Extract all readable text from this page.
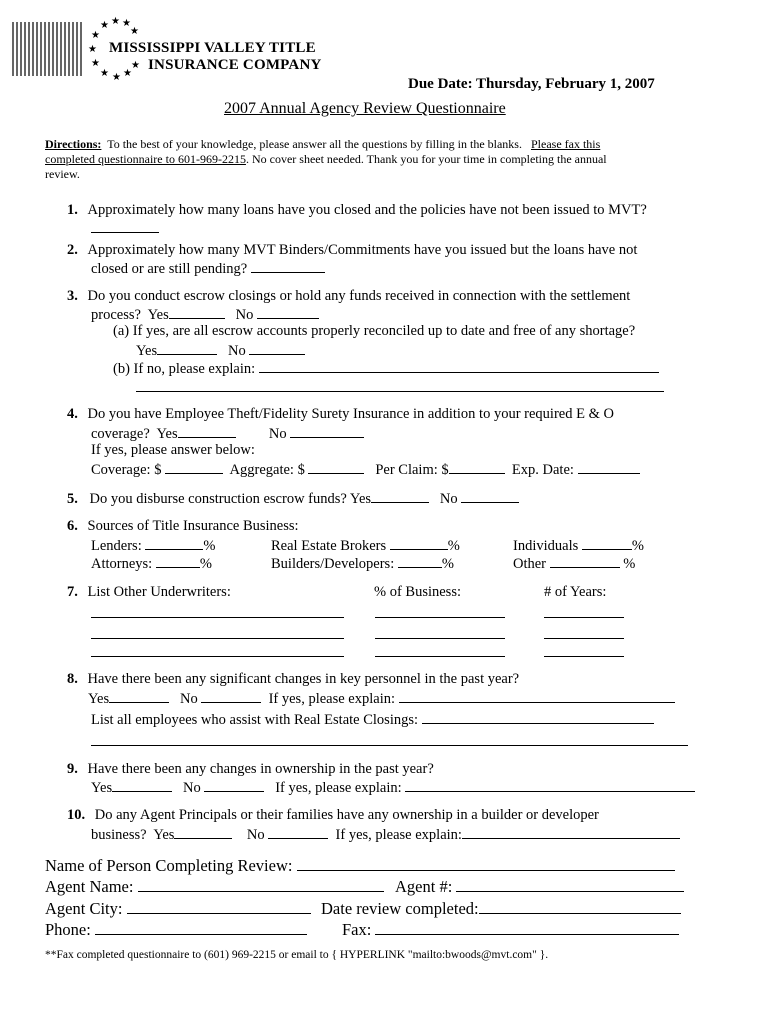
★ ★ ★
★
★
★
★
★ ★ ★
★
MISSISSIPPI VALLEY TITLE
INSURANCE COMPANY
Due Date: Thursday, February 1, 2007
2007 Annual Agency Review Questionnaire
Directions: To the best of your knowledge, please answer all the questions by filling in the blanks. Please fax this
completed questionnaire to 601-969-2215. No cover sheet needed. Thank you for your time in completing the annual
review.
1. Approximately how many loans have you closed and the policies have not been issued to MVT?
2. Approximately how many MVT Binders/Commitments have you issued but the loans have not
closed or are still pending?
3. Do you conduct escrow closings or hold any funds received in connection with the settlement
process? Yes	No
(a) If yes, are all escrow accounts properly reconciled up to date and free of any shortage?
Yes	No
(b) If no, please explain:
4. Do you have Employee Theft/Fidelity Surety Insurance in addition to your required E & O
coverage? Yes	No
If yes, please answer below:
Coverage: $	Aggregate: $	Per Claim: $	Exp. Date:
5. Do you disburse construction escrow funds? Yes	No
6. Sources of Title Insurance Business:
Lenders:	%	Real Estate Brokers	%	Individuals	%
Attorneys:	%	Builders/Developers:	%	Other	%
7. List Other Underwriters:	% of Business:	# of Years:
8. Have there been any significant changes in key personnel in the past year?
Yes	No	If yes, please explain:
List all employees who assist with Real Estate Closings:
9. Have there been any changes in ownership in the past year?
Yes	No	If yes, please explain:
10. Do any Agent Principals or their families have any ownership in a builder or developer
business? Yes	No	If yes, please explain:
Name of Person Completing Review:
Agent Name:	Agent #:
Agent City:	Date review completed:
Phone:	Fax:
**Fax completed questionnaire to (601) 969-2215 or email to { HYPERLINK "mailto:bwoods@mvt.com" }.
